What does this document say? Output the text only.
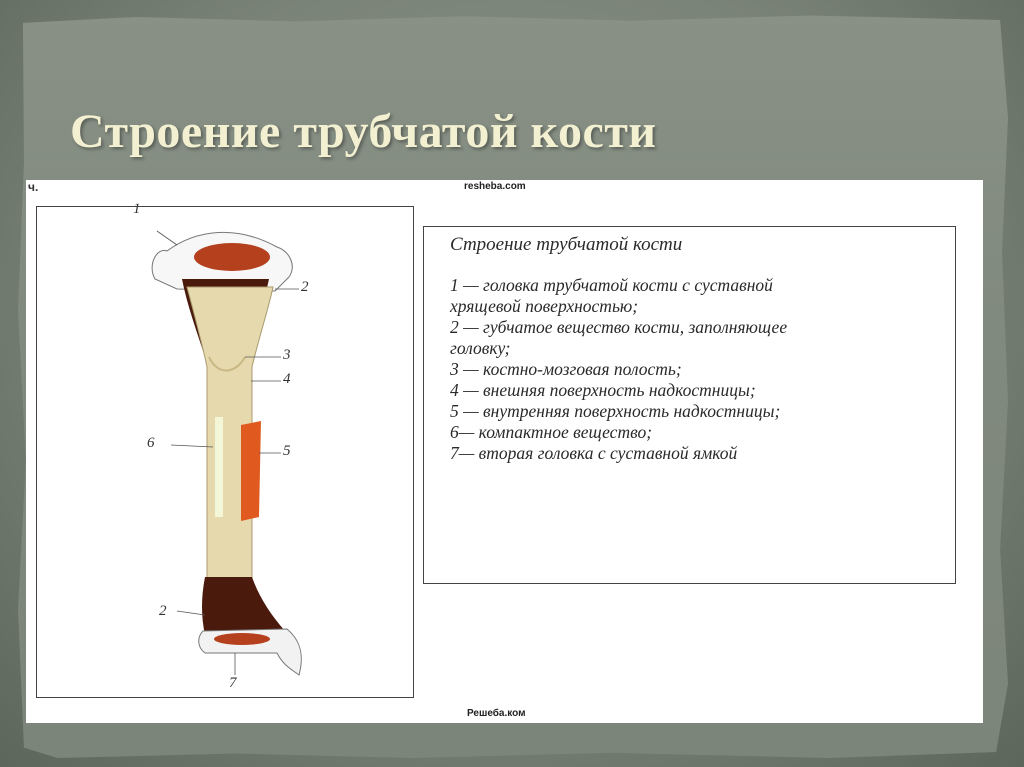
Строение трубчатой кости
ч.	resheba.com
1
2
3
4
6	5
2
7
Строение трубчатой кости
1 — головка трубчатой кости с суставной
хрящевой поверхностью;
2 — губчатое вещество кости, заполняющее
головку;
3 — костно-мозговая полость;
4 — внешняя поверхность надкостницы;
5 — внутренняя поверхность надкостницы;
6— компактное вещество;
7— вторая головка с суставной ямкой
Решеба.ком
